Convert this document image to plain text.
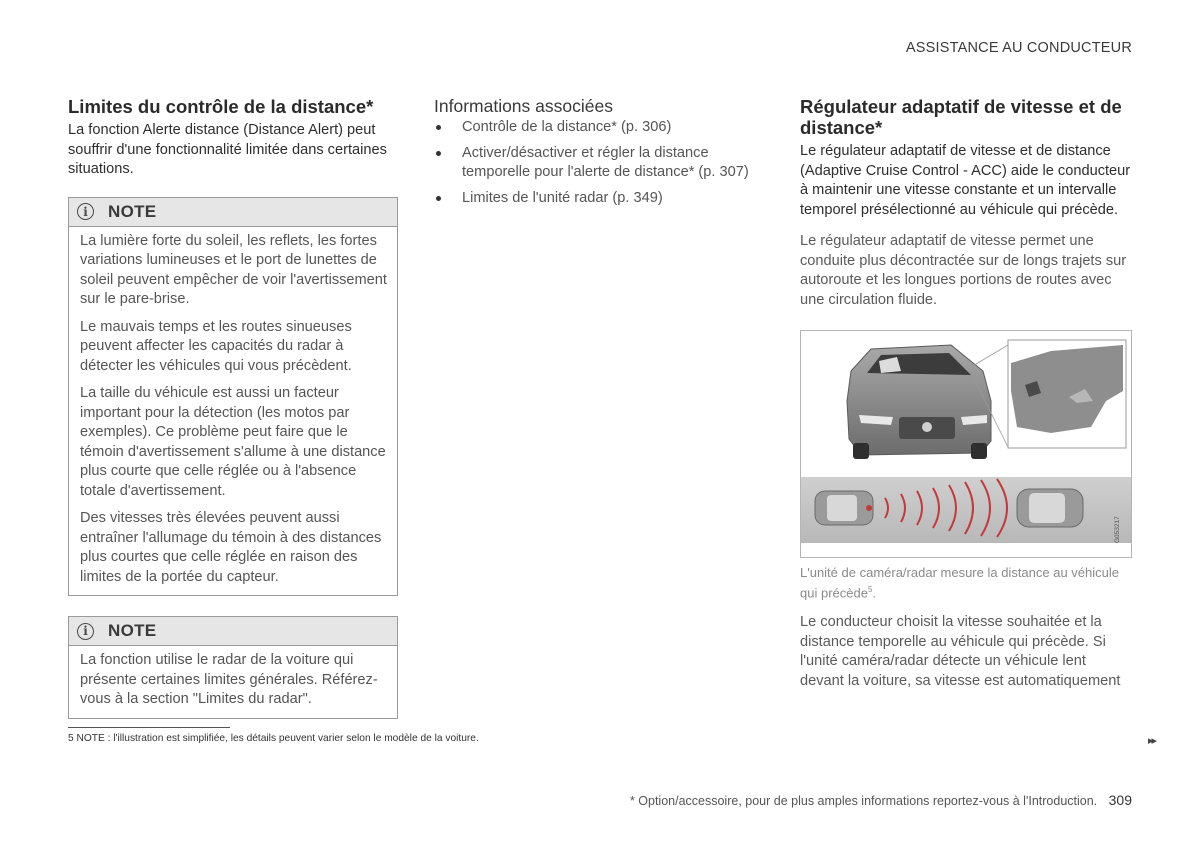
ASSISTANCE AU CONDUCTEUR
Limites du contrôle de la distance*

La fonction Alerte distance (Distance Alert) peut souffrir d'une fonctionnalité limitée dans certaines situations.

i	NOTE

La lumière forte du soleil, les reflets, les fortes variations lumineuses et le port de lunettes de soleil peuvent empêcher de voir l'avertissement sur le pare-brise.

Le mauvais temps et les routes sinueuses peuvent affecter les capacités du radar à détecter les véhicules qui vous précèdent.

La taille du véhicule est aussi un facteur important pour la détection (les motos par exemples). Ce problème peut faire que le témoin d'avertissement s'allume à une distance plus courte que celle réglée ou à l'absence totale d'avertissement.

Des vitesses très élevées peuvent aussi entraîner l'allumage du témoin à des distances plus courtes que celle réglée en raison des limites de la portée du capteur.

i	NOTE

La fonction utilise le radar de la voiture qui présente certaines limites générales. Référez-vous à la section "Limites du radar".

Informations associées
Contrôle de la distance* (p. 306)
Activer/désactiver et régler la distance temporelle pour l'alerte de distance* (p. 307)
Limites de l'unité radar (p. 349)
Régulateur adaptatif de vitesse et de distance*

Le régulateur adaptatif de vitesse et de distance (Adaptive Cruise Control - ACC) aide le conducteur à maintenir une vitesse constante et un intervalle temporel présélectionné au véhicule qui précède.

Le régulateur adaptatif de vitesse permet une conduite plus décontractée sur de longs trajets sur autoroute et les longues portions de routes avec une circulation fluide.

G053217
L'unité de caméra/radar mesure la distance au véhicule qui précède$^5$.

Le conducteur choisit la vitesse souhaitée et la distance temporelle au véhicule qui précède. Si l'unité caméra/radar détecte un véhicule lent devant la voiture, sa vitesse est automatiquement

5 NOTE : l'illustration est simplifiée, les détails peuvent varier selon le modèle de la voiture.	▸▸
* Option/accessoire, pour de plus amples informations reportez-vous à l'Introduction. 309
